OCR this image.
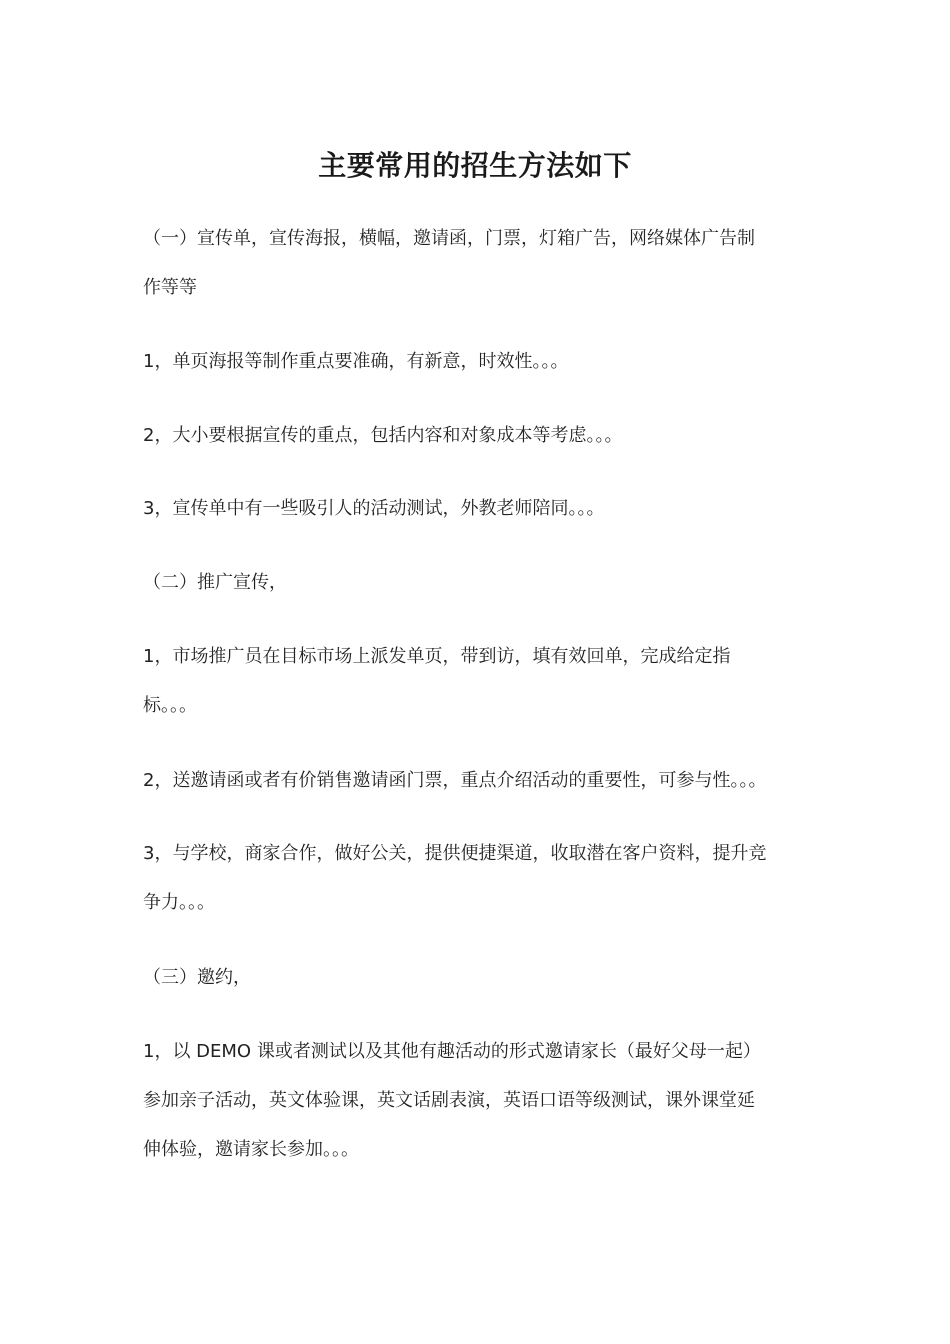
主要常用的招生方法如下
（一）宣传单，宣传海报，横幅，邀请函，门票，灯箱广告，网络媒体广告制
作等等
1，单页海报等制作重点要准确，有新意，时效性。。。
2，大小要根据宣传的重点，包括内容和对象成本等考虑。。。
3，宣传单中有一些吸引人的活动测试，外教老师陪同。。。
（二）推广宣传，
1，市场推广员在目标市场上派发单页，带到访，填有效回单，完成给定指
标。。。
2，送邀请函或者有价销售邀请函门票，重点介绍活动的重要性，可参与性。。。
3，与学校，商家合作，做好公关，提供便捷渠道，收取潜在客户资料，提升竞
争力。。。
（三）邀约，
1，以 DEMO 课或者测试以及其他有趣活动的形式邀请家长（最好父母一起）
参加亲子活动，英文体验课，英文话剧表演，英语口语等级测试，课外课堂延
伸体验，邀请家长参加。。。
